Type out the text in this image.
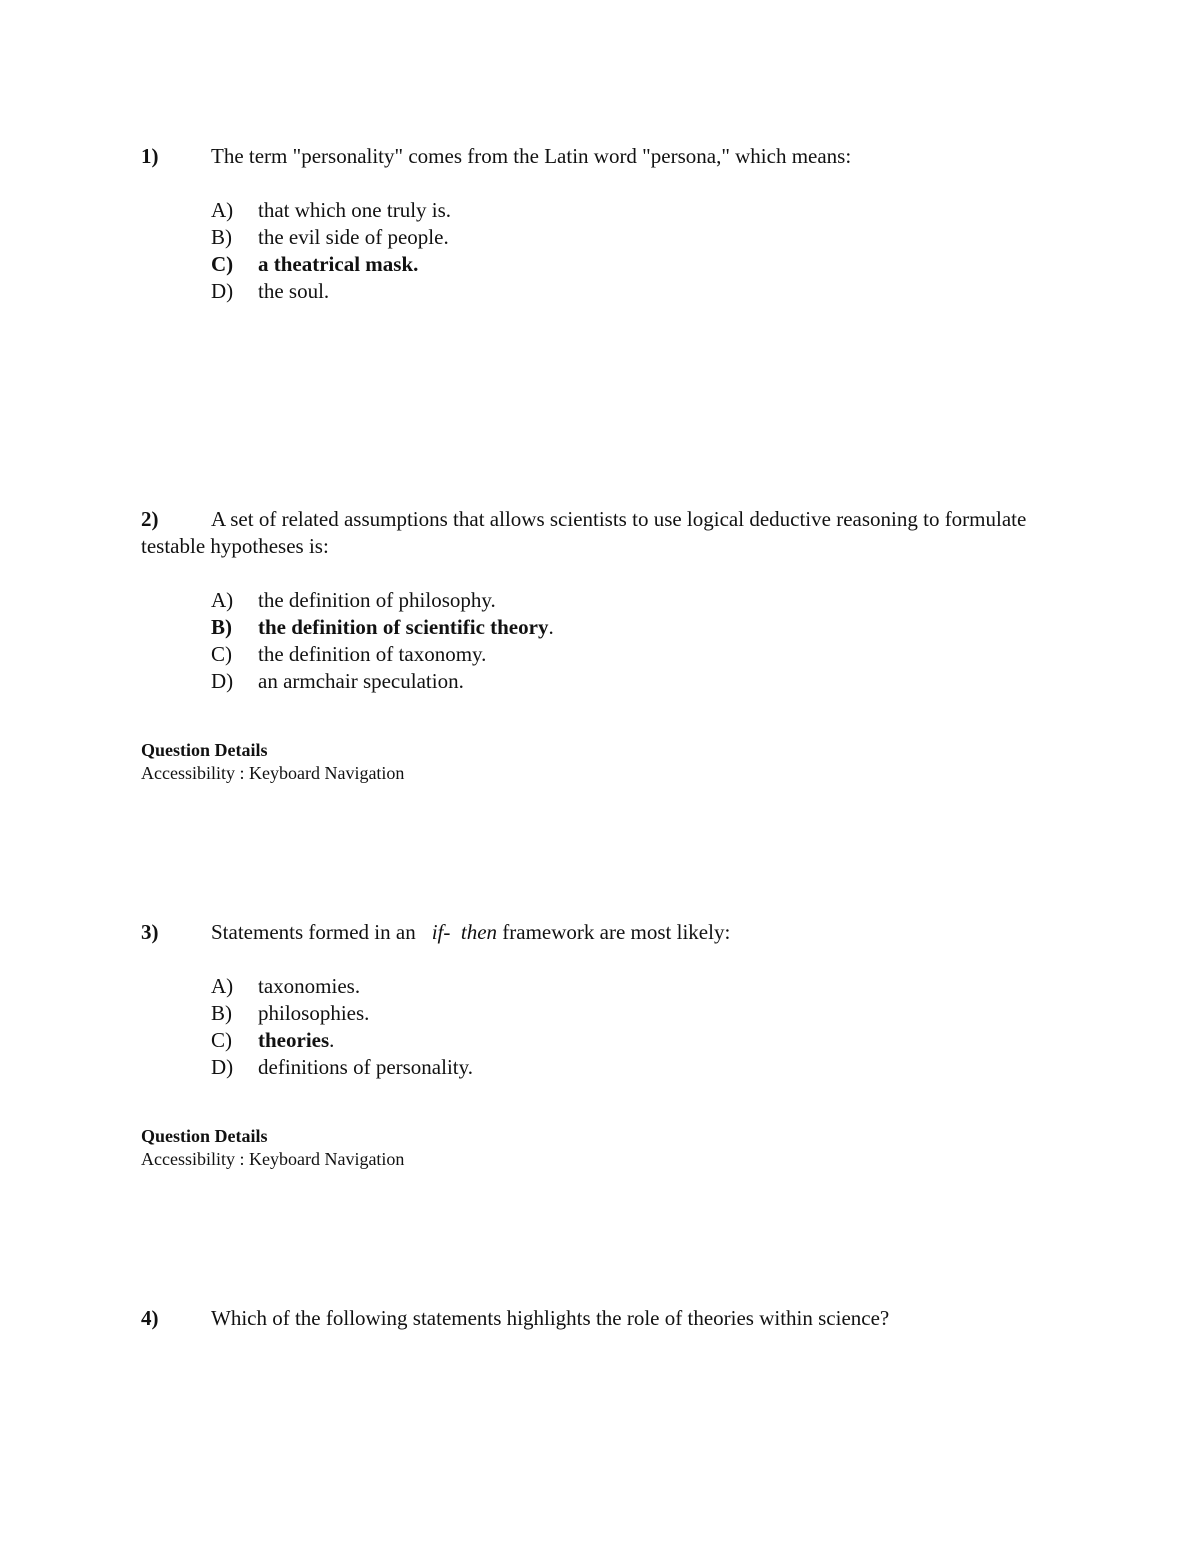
1)	The term "personality" comes from the Latin word "persona," which means:

A) that which one truly is.
B) the evil side of people.
C) a theatrical mask.
D) the soul.

2)	A set of related assumptions that allows scientists to use logical deductive reasoning to formulate testable hypotheses is:

A) the definition of philosophy.
B) the definition of scientific theory.
C) the definition of taxonomy.
D) an armchair speculation.
Question Details
Accessibility : Keyboard Navigation

3)	Statements formed in an if- then framework are most likely:

A) taxonomies.
B) philosophies.
C) theories.
D) definitions of personality.
Question Details
Accessibility : Keyboard Navigation

4)	Which of the following statements highlights the role of theories within science?
